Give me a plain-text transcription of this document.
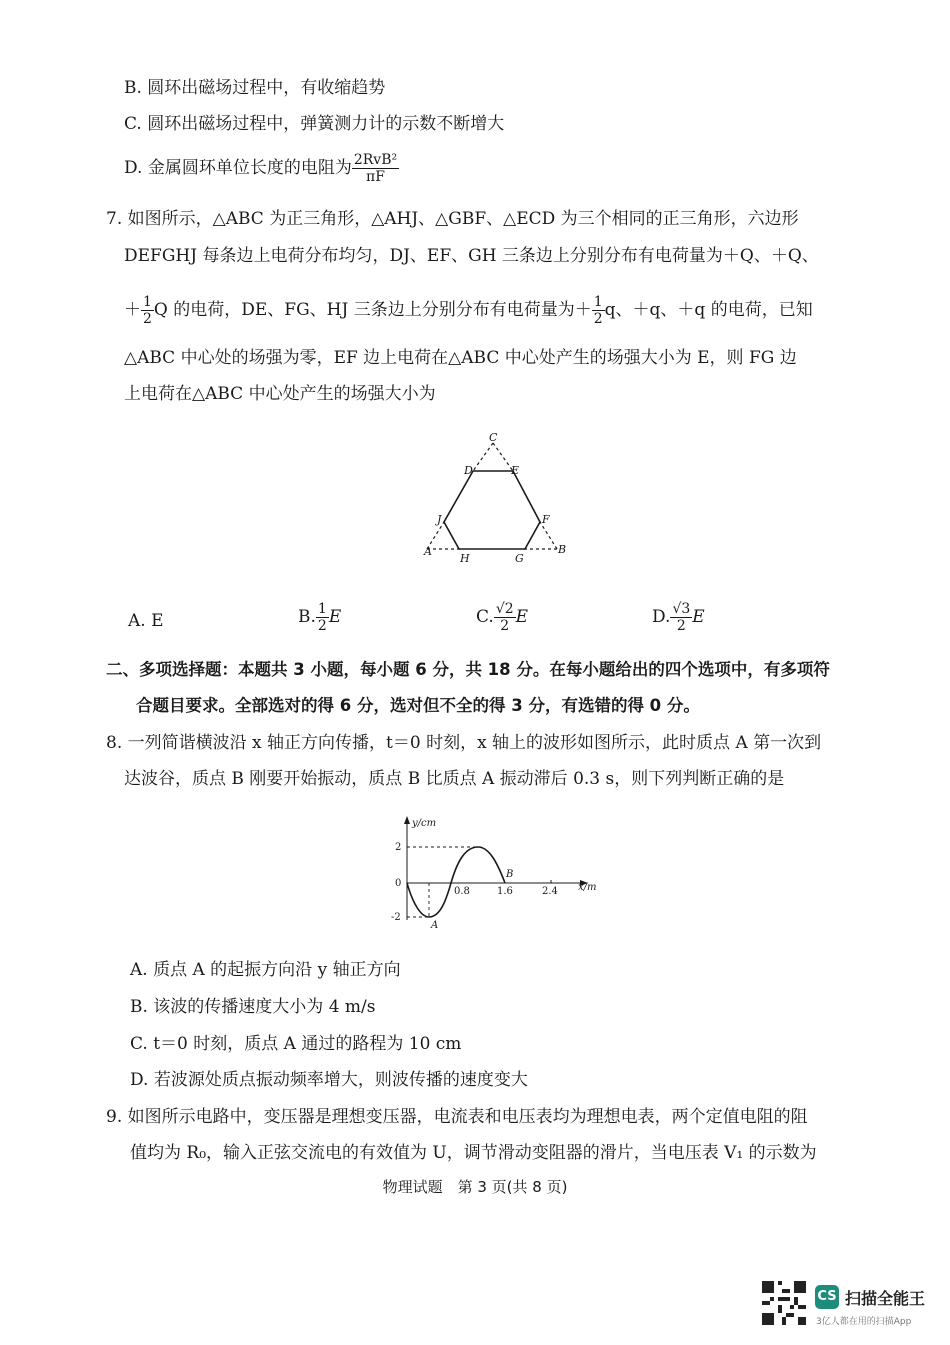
B. 圆环出磁场过程中，有收缩趋势
C. 圆环出磁场过程中，弹簧测力计的示数不断增大
D. 金属圆环单位长度的电阻为 $\frac{\text{2RvB²}}{\pi F}$
7. 如图所示，△ABC 为正三角形，△AHJ、△GBF、△ECD 为三个相同的正三角形，六边形
DEFGHJ 每条边上电荷分布均匀，DJ、EF、GH 三条边上分别分布有电荷量为＋Q、＋Q、
＋ $\frac{1}{2}$ Q 的电荷，DE、FG、HJ 三条边上分别分布有电荷量为＋ $\frac{1}{2}$ q、＋q、＋q 的电荷，已知
△ABC 中心处的场强为零，EF 边上电荷在△ABC 中心处产生的场强大小为 E，则 FG 边
上电荷在△ABC 中心处产生的场强大小为
C
D	E
J	F
A
H	G
B
A. E	B. $\frac{1}{2}$ E	C. $\frac{√2}{2}$ E	D. $\frac{√3}{2}$ E
二、多项选择题：本题共 3 小题，每小题 6 分，共 18 分。在每小题给出的四个选项中，有多项符
合题目要求。全部选对的得 6 分，选对但不全的得 3 分，有选错的得 0 分。
8. 一列简谐横波沿 x 轴正方向传播，t＝0 时刻，x 轴上的波形如图所示，此时质点 A 第一次到
达波谷，质点 B 刚要开始振动，质点 B 比质点 A 振动滞后 0.3 s，则下列判断正确的是
y/cm
x/m
2
0
-2
0.8	1.6	2.4
A
B
A. 质点 A 的起振方向沿 y 轴正方向
B. 该波的传播速度大小为 4 m/s
C. t＝0 时刻，质点 A 通过的路程为 10 cm
D. 若波源处质点振动频率增大，则波传播的速度变大
9. 如图所示电路中，变压器是理想变压器，电流表和电压表均为理想电表，两个定值电阻的阻
值均为 R₀，输入正弦交流电的有效值为 U，调节滑动变阻器的滑片，当电压表 V₁ 的示数为
物理试题　第 3 页(共 8 页)
CS 扫描全能王
3亿人都在用的扫描App
